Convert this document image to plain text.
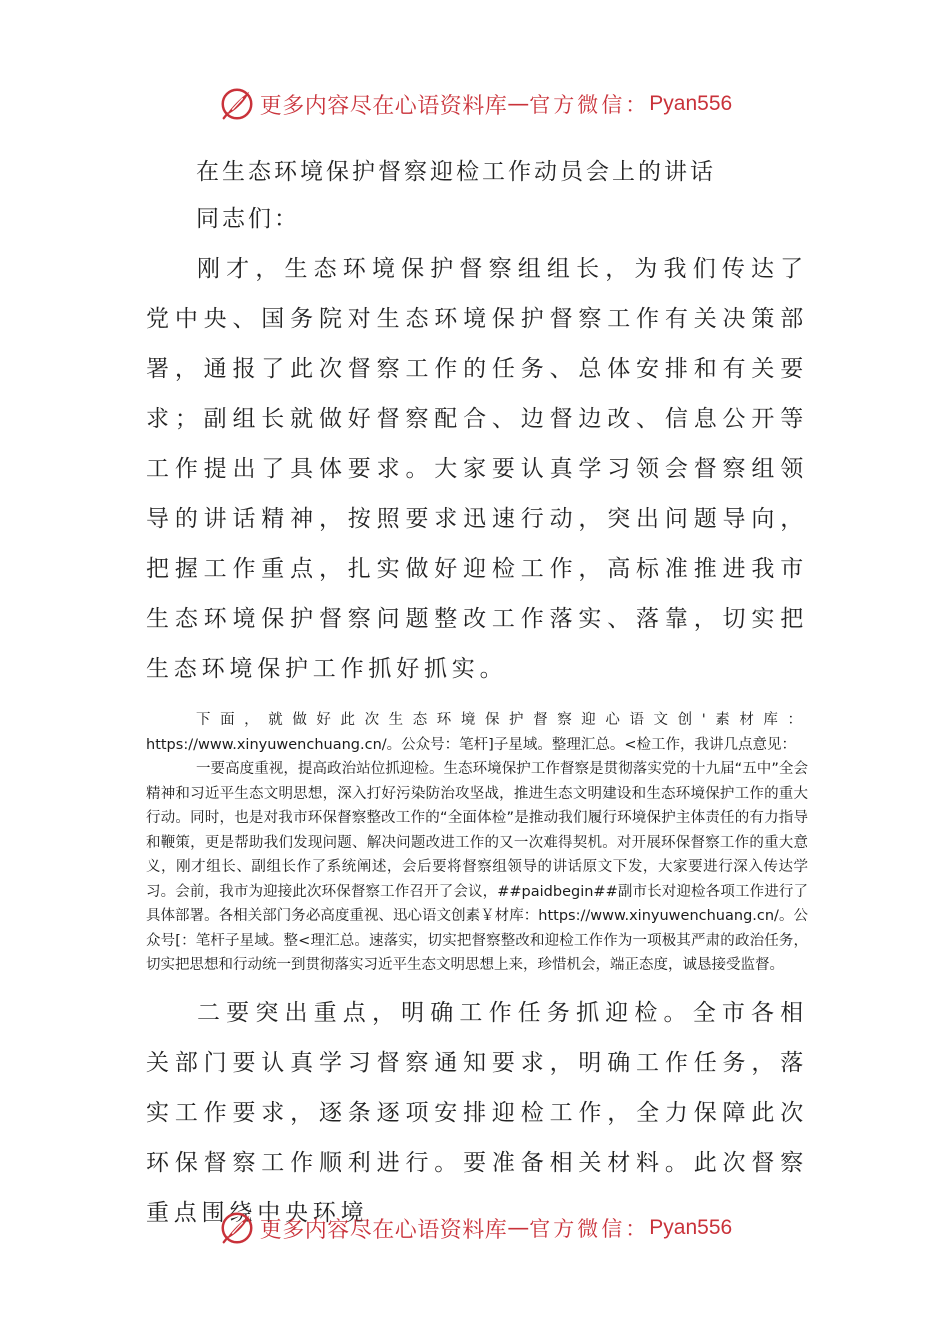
更多内容尽在心语资料库 — 官方微信： Pyan556
在生态环境保护督察迎检工作动员会上的讲话

同志们：

刚才，生态环境保护督察组组长，为我们传达了党中央、国务院对生态环境保护督察工作有关决策部署，通报了此次督察工作的任务、总体安排和有关要求；副组长就做好督察配合、边督边改、信息公开等工作提出了具体要求。大家要认真学习领会督察组领导的讲话精神，按照要求迅速行动，突出问题导向，把握工作重点，扎实做好迎检工作，高标准推进我市生态环境保护督察问题整改工作落实、落靠，切实把生态环境保护工作抓好抓实。

下面，就做好此次生态环境保护督察迎心语文创'素材库：https://www.xinyuwenchuang.cn/。公众号：笔杆]子星域。整理汇总。<检工作，我讲几点意见：

一要高度重视，提高政治站位抓迎检。生态环境保护工作督察是贯彻落实党的十九届“五中”全会精神和习近平生态文明思想，深入打好污染防治攻坚战，推进生态文明建设和生态环境保护工作的重大行动。同时，也是对我市环保督察整改工作的“全面体检”是推动我们履行环境保护主体责任的有力指导和鞭策，更是帮助我们发现问题、解决问题改进工作的又一次难得契机。对开展环保督察工作的重大意义，刚才组长、副组长作了系统阐述，会后要将督察组领导的讲话原文下发，大家要进行深入传达学习。会前，我市为迎接此次环保督察工作召开了会议，##paidbegin##副市长对迎检各项工作进行了具体部署。各相关部门务必高度重视、迅心语文创素￥材库：https://www.xinyuwenchuang.cn/。公众号[：笔杆子星域。整<理汇总。速落实，切实把督察整改和迎检工作作为一项极其严肃的政治任务，切实把思想和行动统一到贯彻落实习近平生态文明思想上来，珍惜机会，端正态度，诚恳接受监督。

二要突出重点，明确工作任务抓迎检。全市各相关部门要认真学习督察通知要求，明确工作任务，落实工作要求，逐条逐项安排迎检工作，全力保障此次环保督察工作顺利进行。要准备相关材料。此次督察重点围绕中央环境

更多内容尽在心语资料库 — 官方微信： Pyan556
